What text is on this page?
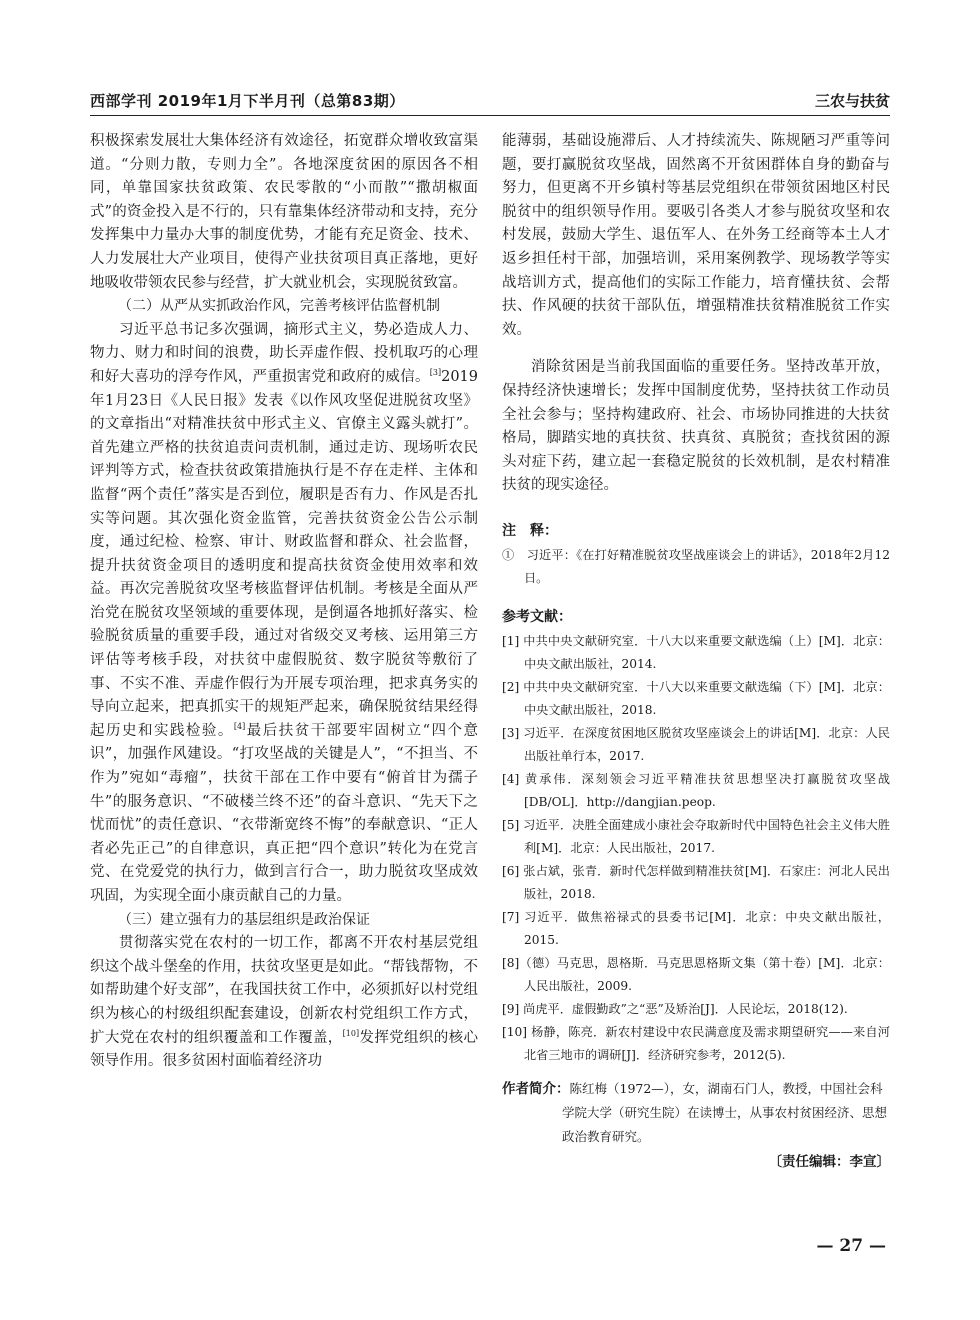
西部学刊 2019年1月下半月刊（总第83期）	三农与扶贫

积极探索发展壮大集体经济有效途径，拓宽群众增收致富渠道。“分则力散，专则力全”。各地深度贫困的原因各不相同，单靠国家扶贫政策、农民零散的“小而散”“撒胡椒面式”的资金投入是不行的，只有靠集体经济带动和支持，充分发挥集中力量办大事的制度优势，才能有充足资金、技术、人力发展壮大产业项目，使得产业扶贫项目真正落地，更好地吸收带领农民参与经营，扩大就业机会，实现脱贫致富。

（二）从严从实抓政治作风，完善考核评估监督机制

习近平总书记多次强调，摘形式主义，势必造成人力、物力、财力和时间的浪费，助长弄虚作假、投机取巧的心理和好大喜功的浮夸作风，严重损害党和政府的威信。[3]2019年1月23日《人民日报》发表《以作风攻坚促进脱贫攻坚》的文章指出“对精准扶贫中形式主义、官僚主义露头就打”。首先建立严格的扶贫追责问责机制，通过走访、现场听农民评判等方式，检查扶贫政策措施执行是不存在走样、主体和监督“两个责任”落实是否到位，履职是否有力、作风是否扎实等问题。其次强化资金监管，完善扶贫资金公告公示制度，通过纪检、检察、审计、财政监督和群众、社会监督，提升扶贫资金项目的透明度和提高扶贫资金使用效率和效益。再次完善脱贫攻坚考核监督评估机制。考核是全面从严治党在脱贫攻坚领域的重要体现，是倒逼各地抓好落实、检验脱贫质量的重要手段，通过对省级交叉考核、运用第三方评估等考核手段，对扶贫中虚假脱贫、数字脱贫等敷衍了事、不实不准、弄虚作假行为开展专项治理，把求真务实的导向立起来，把真抓实干的规矩严起来，确保脱贫结果经得起历史和实践检验。[4]最后扶贫干部要牢固树立“四个意识”，加强作风建设。“打攻坚战的关键是人”，“不担当、不作为”宛如“毒瘤”，扶贫干部在工作中要有“俯首甘为孺子牛”的服务意识、“不破楼兰终不还”的奋斗意识、“先天下之忧而忧”的责任意识、“衣带渐宽终不悔”的奉献意识、“正人者必先正己”的自律意识，真正把“四个意识”转化为在党言党、在党爱党的执行力，做到言行合一，助力脱贫攻坚成效巩固，为实现全面小康贡献自己的力量。

（三）建立强有力的基层组织是政治保证

贯彻落实党在农村的一切工作，都离不开农村基层党组织这个战斗堡垒的作用，扶贫攻坚更是如此。“帮钱帮物，不如帮助建个好支部”，在我国扶贫工作中，必须抓好以村党组织为核心的村级组织配套建设，创新农村党组织工作方式，扩大党在农村的组织覆盖和工作覆盖，[10]发挥党组织的核心领导作用。很多贫困村面临着经济功

能薄弱，基础设施滞后、人才持续流失、陈规陋习严重等问题，要打赢脱贫攻坚战，固然离不开贫困群体自身的勤奋与努力，但更离不开乡镇村等基层党组织在带领贫困地区村民脱贫中的组织领导作用。要吸引各类人才参与脱贫攻坚和农村发展，鼓励大学生、退伍军人、在外务工经商等本土人才返乡担任村干部，加强培训，采用案例教学、现场教学等实战培训方式，提高他们的实际工作能力，培育懂扶贫、会帮扶、作风硬的扶贫干部队伍，增强精准扶贫精准脱贫工作实效。

消除贫困是当前我国面临的重要任务。坚持改革开放，保持经济快速增长；发挥中国制度优势，坚持扶贫工作动员全社会参与；坚持构建政府、社会、市场协同推进的大扶贫格局，脚踏实地的真扶贫、扶真贫、真脱贫；查找贫困的源头对症下药，建立起一套稳定脱贫的长效机制，是农村精准扶贫的现实途径。

注　释：

①　习近平：《在打好精准脱贫攻坚战座谈会上的讲话》，2018年2月12日。

参考文献：

[1] 中共中央文献研究室．十八大以来重要文献选编（上）[M]．北京：中央文献出版社，2014.

[2] 中共中央文献研究室．十八大以来重要文献选编（下）[M]．北京：中央文献出版社，2018.

[3] 习近平．在深度贫困地区脱贫攻坚座谈会上的讲话[M]．北京：人民出版社单行本，2017.

[4] 黄承伟．深刻领会习近平精准扶贫思想坚决打赢脱贫攻坚战[DB/OL]．http://dangjian.peop.

[5] 习近平．决胜全面建成小康社会夺取新时代中国特色社会主义伟大胜利[M]．北京：人民出版社，2017.

[6] 张占斌，张青．新时代怎样做到精准扶贫[M]．石家庄：河北人民出版社，2018.

[7] 习近平．做焦裕禄式的县委书记[M]．北京：中央文献出版社，2015.

[8]（德）马克思，恩格斯．马克思恩格斯文集（第十卷）[M]．北京：人民出版社，2009.

[9] 尚虎平．虚假勤政”之“恶”及矫治[J]．人民论坛，2018(12).

[10] 杨静，陈亮．新农村建设中农民满意度及需求期望研究——来自河北省三地市的调研[J]．经济研究参考，2012(5).

作者简介：陈红梅（1972—），女，湖南石门人，教授，中国社会科学院大学（研究生院）在读博士，从事农村贫困经济、思想政治教育研究。
〔责任编辑：李宣〕
— 27 —
